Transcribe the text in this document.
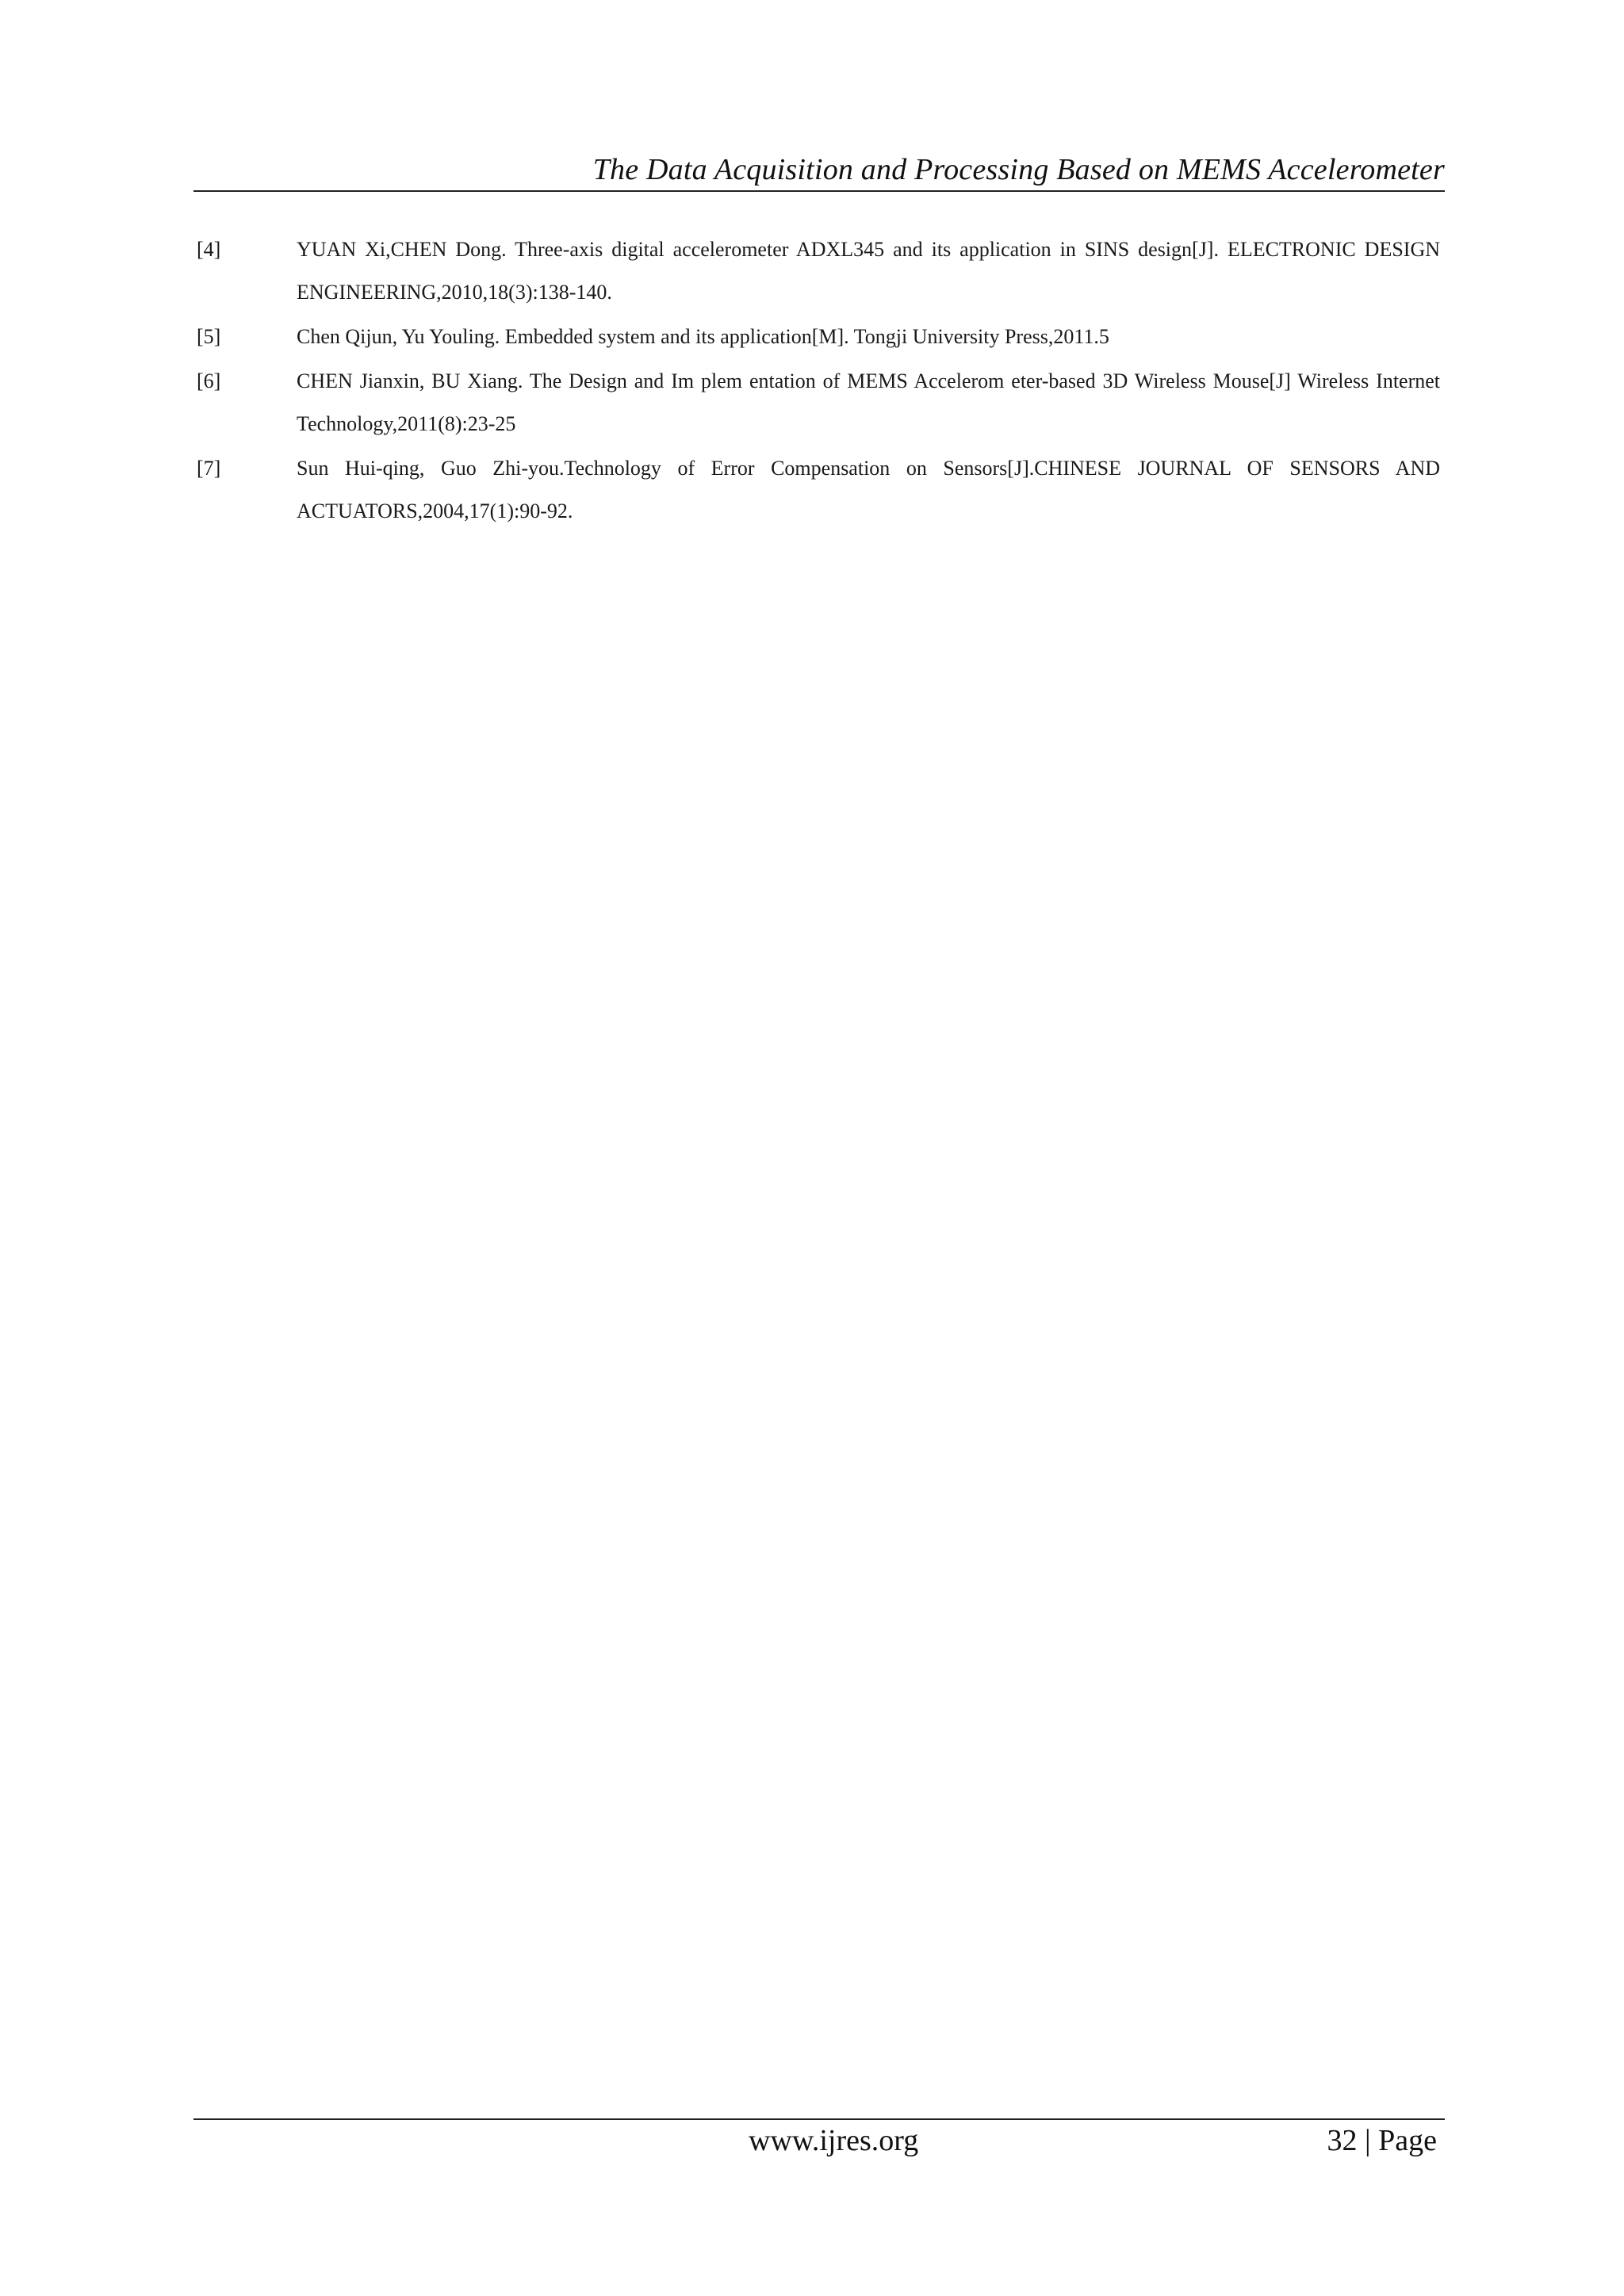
The Data Acquisition and Processing Based on MEMS Accelerometer
[4]	YUAN Xi,CHEN Dong. Three-axis digital accelerometer ADXL345 and its application in SINS design[J]. ELECTRONIC DESIGN ENGINEERING,2010,18(3):138-140.
[5]	Chen Qijun, Yu Youling. Embedded system and its application[M]. Tongji University Press,2011.5
[6]	CHEN Jianxin, BU Xiang. The Design and Im plem entation of MEMS Accelerom eter-based 3D Wireless Mouse[J] Wireless Internet Technology,2011(8):23-25
[7]	Sun Hui-qing, Guo Zhi-you.Technology of Error Compensation on Sensors[J].CHINESE JOURNAL OF SENSORS AND ACTUATORS,2004,17(1):90-92.
www.ijres.org	32 | Page
